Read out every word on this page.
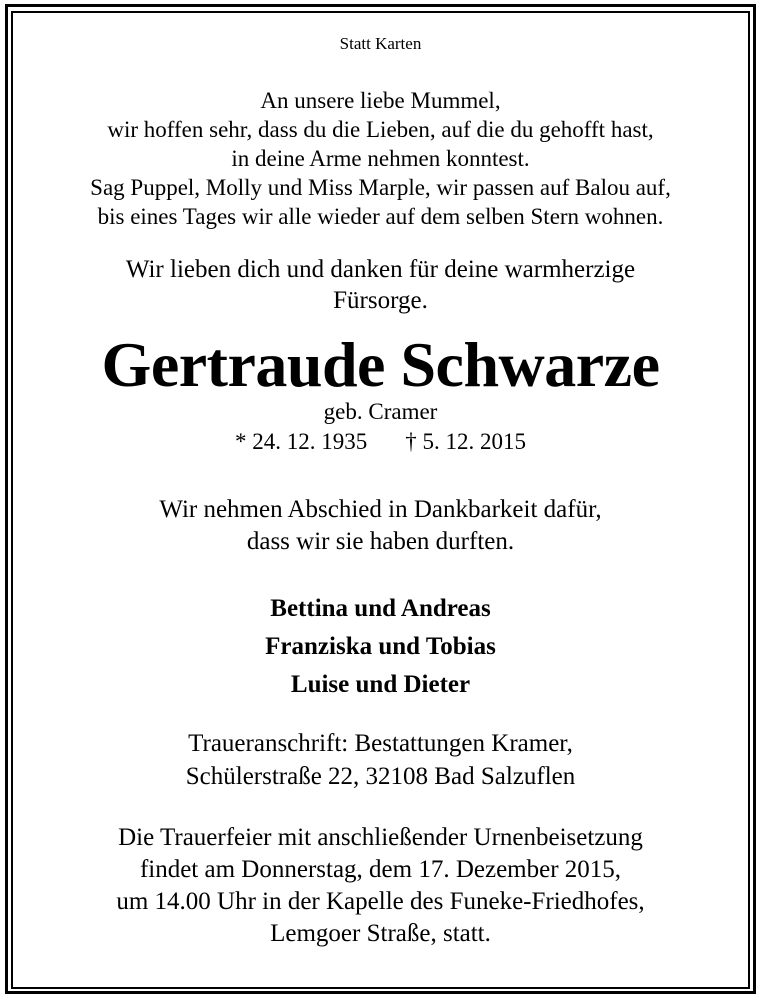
Statt Karten
An unsere liebe Mummel,
wir hoffen sehr, dass du die Lieben, auf die du gehofft hast,
in deine Arme nehmen konntest.
Sag Puppel, Molly und Miss Marple, wir passen auf Balou auf,
bis eines Tages wir alle wieder auf dem selben Stern wohnen.
Wir lieben dich und danken für deine warmherzige
Fürsorge.
Gertraude Schwarze
geb. Cramer
* 24. 12. 1935 † 5. 12. 2015
Wir nehmen Abschied in Dankbarkeit dafür,
dass wir sie haben durften.
Bettina und Andreas
Franziska und Tobias
Luise und Dieter
Traueranschrift: Bestattungen Kramer,
Schülerstraße 22, 32108 Bad Salzuflen
Die Trauerfeier mit anschließender Urnenbeisetzung
findet am Donnerstag, dem 17. Dezember 2015,
um 14.00 Uhr in der Kapelle des Funeke-Friedhofes,
Lemgoer Straße, statt.
